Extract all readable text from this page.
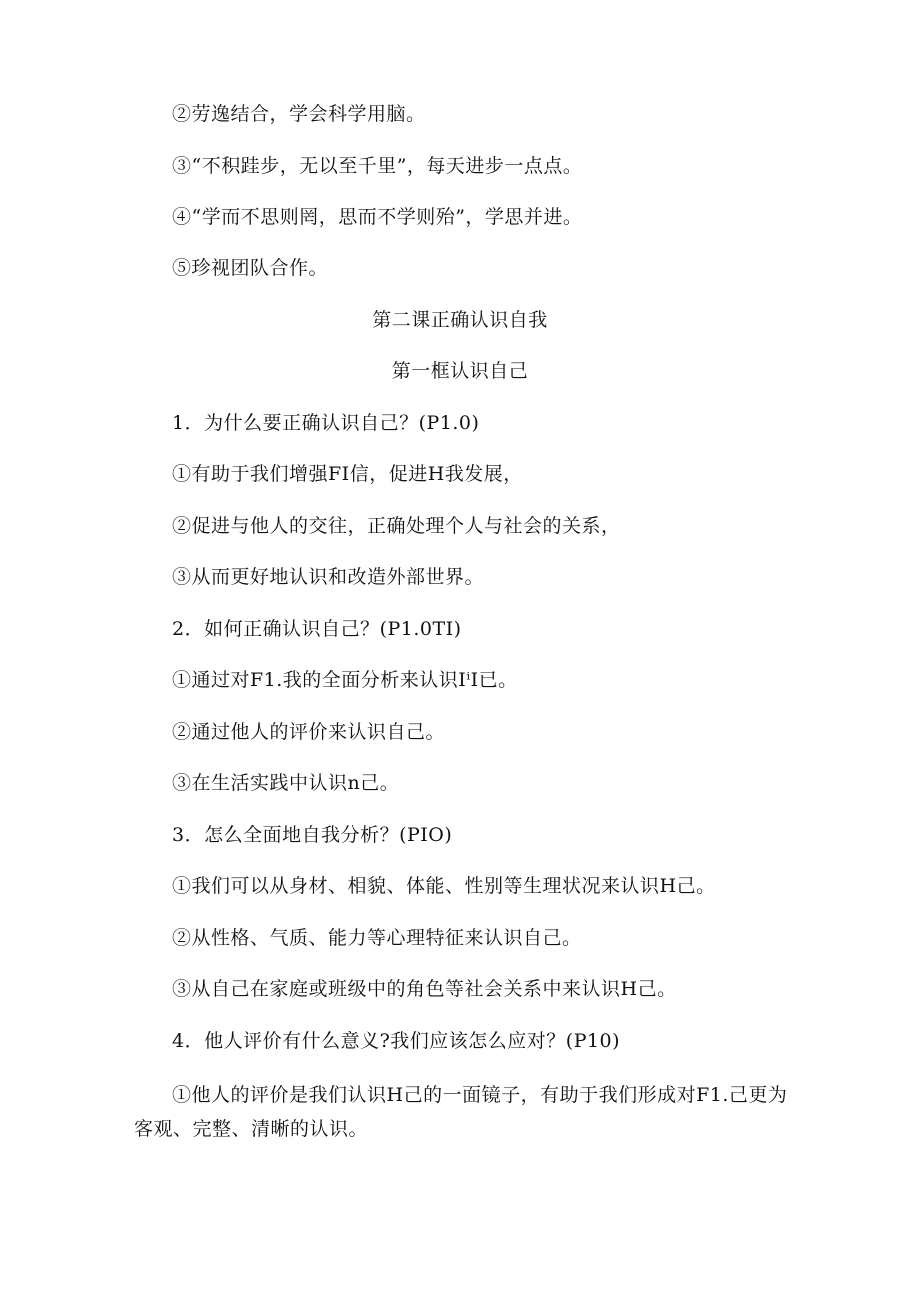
②劳逸结合，学会科学用脑。
③“不积跬步，无以至千里”，每天进步一点点。
④“学而不思则罔，思而不学则殆”，学思并进。
⑤珍视团队合作。
第二课正确认识自我
第一框认识自己
1．为什么要正确认识自己？(P1.0)
①有助于我们增强FI信，促进H我发展，
②促进与他人的交往，正确处理个人与社会的关系，
③从而更好地认识和改造外部世界。
2．如何正确认识自己？(P1.0TI)
①通过对F1.我的全面分析来认识IⁱI已。
②通过他人的评价来认识自己。
③在生活实践中认识n己。
3．怎么全面地自我分析？(PIO)
①我们可以从身材、相貌、体能、性别等生理状况来认识H己。
②从性格、气质、能力等心理特征来认识自己。
③从自己在家庭或班级中的角色等社会关系中来认识H己。
4．他人评价有什么意义?我们应该怎么应对？(P10)
①他人的评价是我们认识H己的一面镜子，有助于我们形成对F1.己更为客观、完整、清晰的认识。
